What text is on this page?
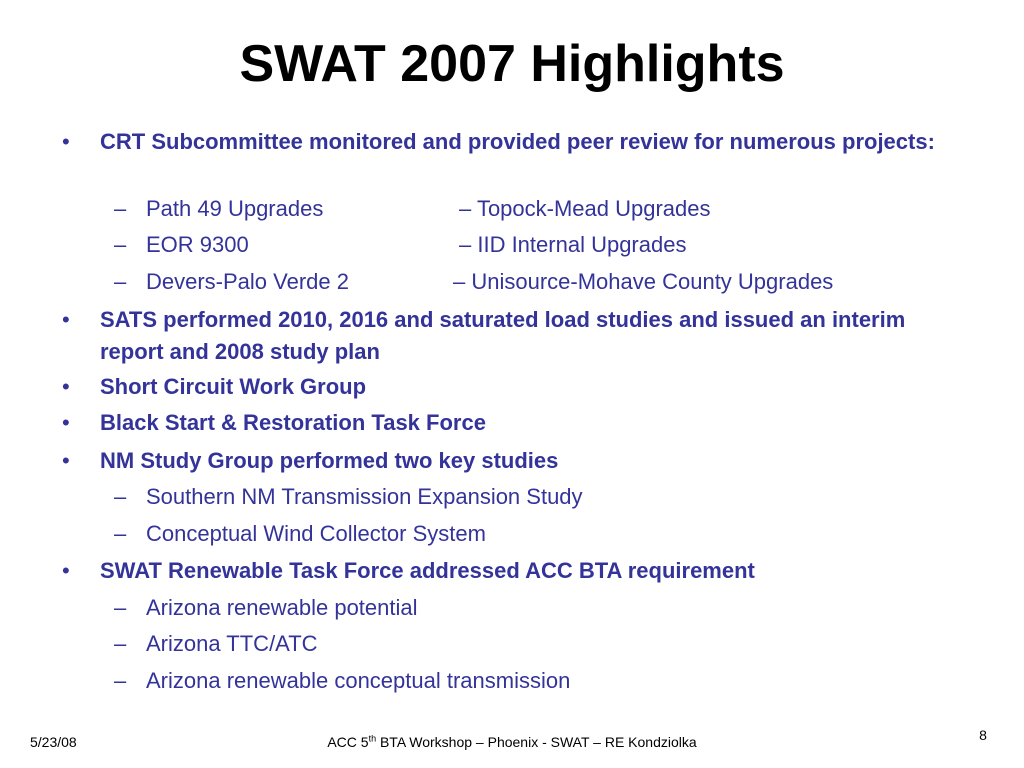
SWAT 2007 Highlights
• CRT Subcommittee monitored and provided peer review for numerous projects:
– Path 49 Upgrades	– Topock-Mead Upgrades
– EOR 9300	– IID Internal Upgrades
– Devers-Palo Verde 2	– Unisource-Mohave County Upgrades
• SATS performed 2010, 2016 and saturated load studies and issued an interim report and 2008 study plan
• Short Circuit Work Group
• Black Start & Restoration Task Force
• NM Study Group performed two key studies
– Southern NM Transmission Expansion Study
– Conceptual Wind Collector System
• SWAT Renewable Task Force addressed ACC BTA requirement
– Arizona renewable potential
– Arizona TTC/ATC
– Arizona renewable conceptual transmission
5/23/08	ACC 5th BTA Workshop – Phoenix - SWAT – RE Kondziolka	8
